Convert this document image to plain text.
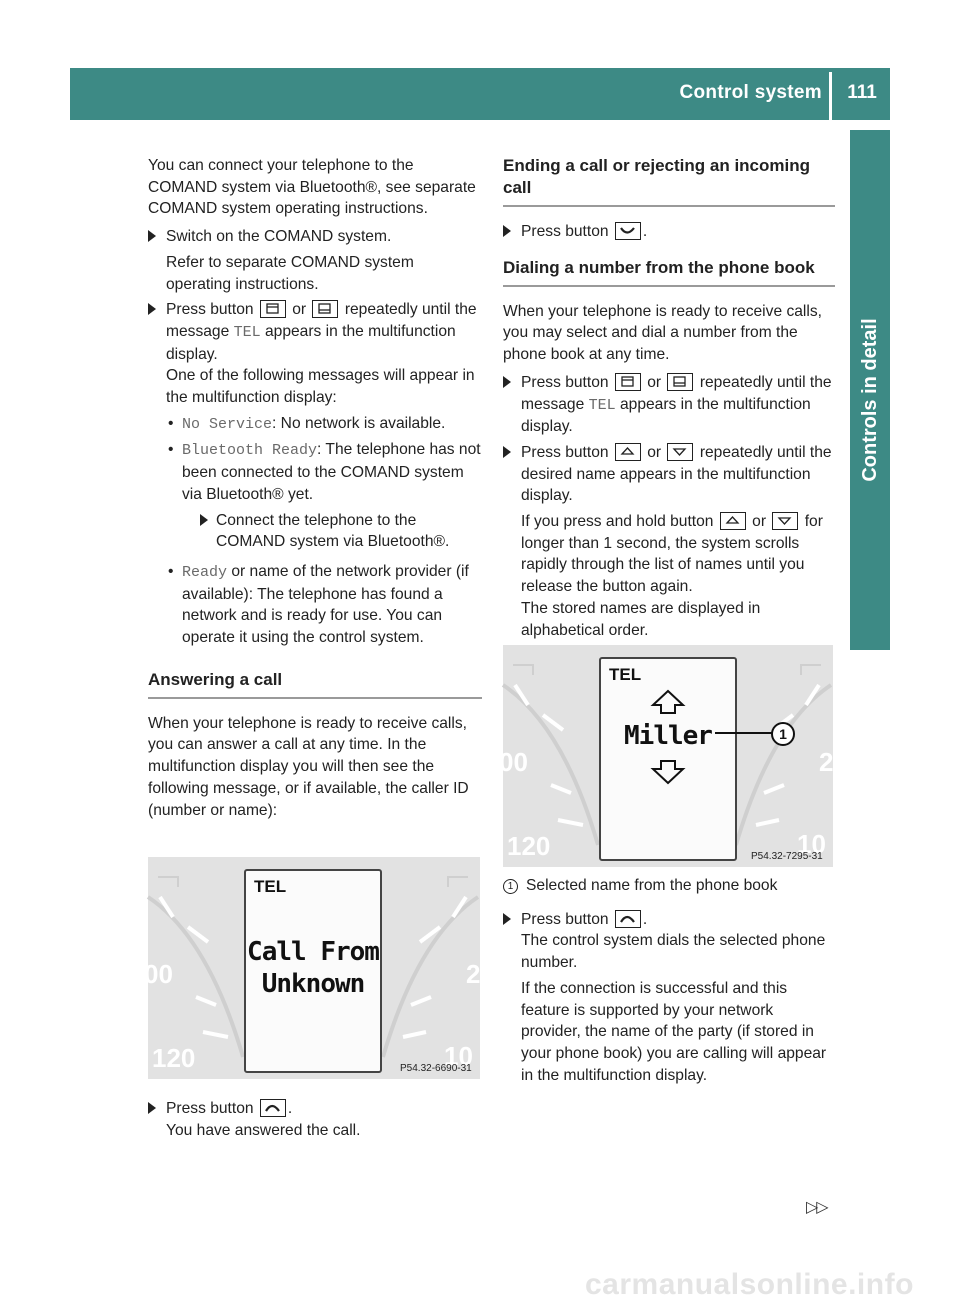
Control system	111
Controls in detail

You can connect your telephone to the COMAND system via Bluetooth®, see separate COMAND system operating instructions.

Switch on the COMAND system.
Refer to separate COMAND system operating instructions.
Press button or repeatedly until the message TEL appears in the multifunction display.
One of the following messages will appear in the multifunction display:
• No Service: No network is available.
• Bluetooth Ready: The telephone has not been connected to the COMAND system via Bluetooth® yet.
Connect the telephone to the COMAND system via Bluetooth®.
• Ready or name of the network provider (if available): The telephone has found a network and is ready for use. You can operate it using the control system.
Answering a call

When your telephone is ready to receive calls, you can answer a call at any time. In the multifunction display you will then see the following message, or if available, the caller ID (number or name):

00
120	10
2
TEL
Call From
Unknown
P54.32-6690-31
Press button .
You have answered the call.
Ending a call or rejecting an incoming call
Press button .
Dialing a number from the phone book

When your telephone is ready to receive calls, you may select and dial a number from the phone book at any time.

Press button or repeatedly until the message TEL appears in the multifunction display.
Press button or repeatedly until the desired name appears in the multifunction display.
If you press and hold button or for longer than 1 second, the system scrolls rapidly through the list of names until you release the button again.
The stored names are displayed in alphabetical order.
00
120	10
2
TEL
Miller	1
P54.32-7295-31

1 Selected name from the phone book

Press button .
The control system dials the selected phone number.
If the connection is successful and this feature is supported by your network provider, the name of the party (if stored in your phone book) you are calling will appear in the multifunction display.
▷▷
carmanualsonline.info
